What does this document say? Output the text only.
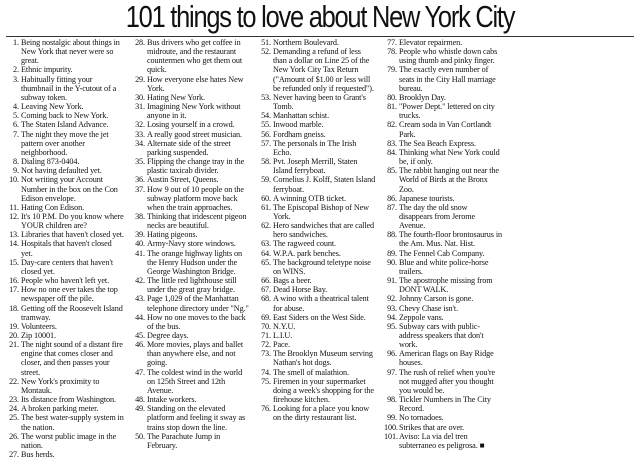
101 things to love about New York City
1. Being nostalgic about things in New York that never were so great.
2. Ethnic impurity.
3. Habitually fitting your thumbnail in the Y-cutout of a subway token.
4. Leaving New York.
5. Coming back to New York.
6. The Staten Island Advance.
7. The night they move the jet pattern over another neighborhood.
8. Dialing 873-0404.
9. Not having defaulted yet.
10. Not writing your Account Number in the box on the Con Edison envelope.
11. Hating Con Edison.
12. It's 10 P.M. Do you know where YOUR children are?
13. Libraries that haven't closed yet.
14. Hospitals that haven't closed yet.
15. Day-care centers that haven't closed yet.
16. People who haven't left yet.
17. How no one ever takes the top newspaper off the pile.
18. Getting off the Roosevelt Island tramway.
19. Volunteers.
20. Zip 10001.
21. The night sound of a distant fire engine that comes closer and closer, and then passes your street.
22. New York's proximity to Montauk.
23. Its distance from Washington.
24. A broken parking meter.
25. The best water-supply system in the nation.
26. The worst public image in the nation.
27. Bus herds.
28. Bus drivers who get coffee in midroute, and the restaurant countermen who get them out quick.
29. How everyone else hates New York.
30. Hating New York.
31. Imagining New York without anyone in it.
32. Losing yourself in a crowd.
33. A really good street musician.
34. Alternate side of the street parking suspended.
35. Flipping the change tray in the plastic taxicab divider.
36. Austin Street, Queens.
37. How 9 out of 10 people on the subway platform move back when the train approaches.
38. Thinking that iridescent pigeon necks are beautiful.
39. Hating pigeons.
40. Army-Navy store windows.
41. The orange highway lights on the Henry Hudson under the George Washington Bridge.
42. The little red lighthouse still under the great gray bridge.
43. Page 1,029 of the Manhattan telephone directory under "Ng."
44. How no one moves to the back of the bus.
45. Degree days.
46. More movies, plays and ballet than anywhere else, and not going.
47. The coldest wind in the world on 125th Street and 12th Avenue.
48. Intake workers.
49. Standing on the elevated platform and feeling it sway as trains stop down the line.
50. The Parachute Jump in February.
51. Northern Boulevard.
52. Demanding a refund of less than a dollar on Line 25 of the New York City Tax Return ("Amount of $1.00 or less will be refunded only if requested").
53. Never having been to Grant's Tomb.
54. Manhattan schist.
55. Inwood marble.
56. Fordham gneiss.
57. The personals in The Irish Echo.
58. Pvt. Joseph Merrill, Staten Island ferryboat.
59. Cornelius J. Kolff, Staten Island ferryboat.
60. A winning OTB ticket.
61. The Episcopal Bishop of New York.
62. Hero sandwiches that are called hero sandwiches.
63. The ragweed count.
64. W.P.A. park benches.
65. The background teletype noise on WINS.
66. Bags a beer.
67. Dead Horse Bay.
68. A wino with a theatrical talent for abuse.
69. East Siders on the West Side.
70. N.Y.U.
71. L.I.U.
72. Pace.
73. The Brooklyn Museum serving Nathan's hot dogs.
74. The smell of malathion.
75. Firemen in your supermarket doing a week's shopping for the firehouse kitchen.
76. Looking for a place you know on the dirty restaurant list.
77. Elevator repairmen.
78. People who whistle down cabs using thumb and pinky finger.
79. The exactly even number of seats in the City Hall marriage bureau.
80. Brooklyn Day.
81. "Power Dept." lettered on city trucks.
82. Cream soda in Van Cortlandt Park.
83. The Sea Beach Express.
84. Thinking what New York could be, if only.
85. The rabbit hanging out near the World of Birds at the Bronx Zoo.
86. Japanese tourists.
87. The day the old snow disappears from Jerome Avenue.
88. The fourth-floor brontosaurus in the Am. Mus. Nat. Hist.
89. The Fennel Cab Company.
90. Blue and white police-horse trailers.
91. The apostrophe missing from DONT WALK.
92. Johnny Carson is gone.
93. Chevy Chase isn't.
94. Zeppole vans.
95. Subway cars with public-address speakers that don't work.
96. American flags on Bay Ridge houses.
97. The rush of relief when you're not mugged after you thought you would be.
98. Tickler Numbers in The City Record.
99. No tornadoes.
100. Strikes that are over.
101. Aviso: La via del tren subterraneo es peligrosa. ■
